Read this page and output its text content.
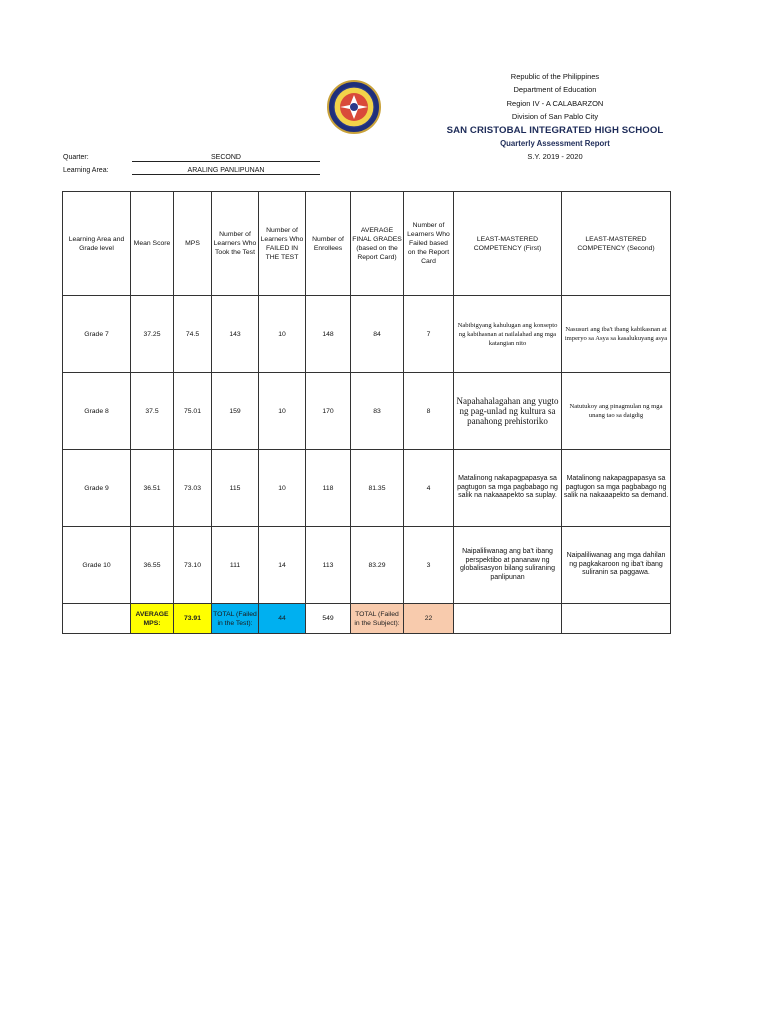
Republic of the Philippines
Department of Education
Region IV - A CALABARZON
Division of San Pablo City
SAN CRISTOBAL INTEGRATED HIGH SCHOOL
Quarterly Assessment Report
S.Y. 2019 - 2020
Quarter:	SECOND
Learning Area:	ARALING PANLIPUNAN
Learning Area and Grade level	Mean Score	MPS	Number of Learners Who Took the Test	Number of Learners Who FAILED IN THE TEST	Number of Enrollees	AVERAGE FINAL GRADES (based on the Report Card)	Number of Learners Who Failed based on the Report Card	LEAST-MASTERED COMPETENCY (First)	LEAST-MASTERED COMPETENCY (Second)
Grade 7	37.25	74.5	143	10	148	84	7	Nabibigyang kahulugan ang konsepto ng kabihasnan at nailalahad ang mga katangian nito	Nasusuri ang iba't ibang kabikasnan at imperyo sa Asya sa kasalukuyang asya
Grade 8	37.5	75.01	159	10	170	83	8	Napahahalagahan ang yugto ng pag-unlad ng kultura sa panahong prehistoriko	Natutukoy ang pinagmulan ng mga unang tao sa daigdig
Grade 9	36.51	73.03	115	10	118	81.35	4	Matalinong nakapagpapasya sa pagtugon sa mga pagbabago ng salik na nakaaapekto sa suplay.	Matalinong nakapagpapasya sa pagtugon sa mga pagbabago ng salik na nakaaapekto sa demand.
Grade 10	36.55	73.10	111	14	113	83.29	3	Naipaliliwanag ang ba't ibang perspektibo at pananaw ng globalisasyon bilang suliraning panlipunan	Naipaliliwanag ang mga dahilan ng pagkakaroon ng iba't ibang suliranin sa paggawa.
	AVERAGE MPS:	73.91	TOTAL (Failed in the Test):	44	549	TOTAL (Failed in the Subject):	22		
